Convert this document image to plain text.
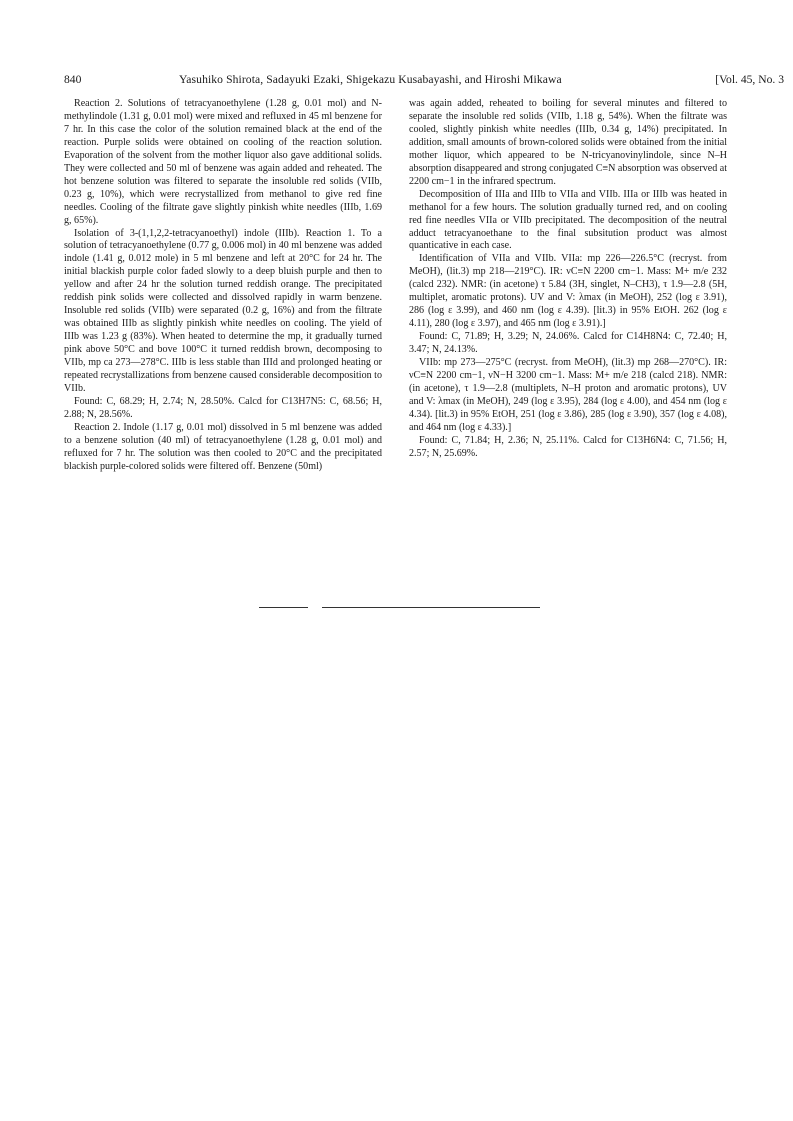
840	Yasuhiko Shirota, Sadayuki Ezaki, Shigekazu Kusabayashi, and Hiroshi Mikawa	[Vol. 45, No. 3

Reaction 2. Solutions of tetracyanoethylene (1.28 g, 0.01 mol) and N-methylindole (1.31 g, 0.01 mol) were mixed and refluxed in 45 ml benzene for 7 hr. In this case the color of the solution remained black at the end of the reaction. Purple solids were obtained on cooling of the reaction solution. Evaporation of the solvent from the mother liquor also gave additional solids. They were collected and 50 ml of benzene was again added and reheated. The hot benzene solution was filtered to separate the insoluble red solids (VIIb, 0.23 g, 10%), which were recrystallized from methanol to give red fine needles. Cooling of the filtrate gave slightly pinkish white needles (IIIb, 1.69 g, 65%).

Isolation of 3-(1,1,2,2-tetracyanoethyl) indole (IIIb). Reaction 1. To a solution of tetracyanoethylene (0.77 g, 0.006 mol) in 40 ml benzene was added indole (1.41 g, 0.012 mole) in 5 ml benzene and left at 20°C for 24 hr. The initial blackish purple color faded slowly to a deep bluish purple and then to yellow and after 24 hr the solution turned reddish orange. The precipitated reddish pink solids were collected and dissolved rapidly in warm benzene. Insoluble red solids (VIIb) were separated (0.2 g, 16%) and from the filtrate was obtained IIIb as slightly pinkish white needles on cooling. The yield of IIIb was 1.23 g (83%). When heated to determine the mp, it gradually turned pink above 50°C and bove 100°C it turned reddish brown, decomposing to VIIb, mp ca 273—278°C. IIIb is less stable than IIId and prolonged heating or repeated recrystallizations from benzene caused considerable decomposition to VIIb.

Found: C, 68.29; H, 2.74; N, 28.50%. Calcd for C13H7N5: C, 68.56; H, 2.88; N, 28.56%.

Reaction 2. Indole (1.17 g, 0.01 mol) dissolved in 5 ml benzene was added to a benzene solution (40 ml) of tetracyanoethylene (1.28 g, 0.01 mol) and refluxed for 7 hr. The solution was then cooled to 20°C and the precipitated blackish purple-colored solids were filtered off. Benzene (50ml)

was again added, reheated to boiling for several minutes and filtered to separate the insoluble red solids (VIIb, 1.18 g, 54%). When the filtrate was cooled, slightly pinkish white needles (IIIb, 0.34 g, 14%) precipitated. In addition, small amounts of brown-colored solids were obtained from the initial mother liquor, which appeared to be N-tricyanovinylindole, since N–H absorption disappeared and strong conjugated C≡N absorption was observed at 2200 cm−1 in the infrared spectrum.

Decomposition of IIIa and IIIb to VIIa and VIIb. IIIa or IIIb was heated in methanol for a few hours. The solution gradually turned red, and on cooling red fine needles VIIa or VIIb precipitated. The decomposition of the neutral adduct tetracyanoethane to the final subsitution product was almost quanticative in each case.

Identification of VIIa and VIIb. VIIa: mp 226—226.5°C (recryst. from MeOH), (lit.3) mp 218—219°C). IR: νC≡N 2200 cm−1. Mass: M+ m/e 232 (calcd 232). NMR: (in acetone) τ 5.84 (3H, singlet, N–CH3), τ 1.9—2.8 (5H, multiplet, aromatic protons). UV and V: λmax (in MeOH), 252 (log ε 3.91), 286 (log ε 3.99), and 460 nm (log ε 4.39). [lit.3) in 95% EtOH. 262 (log ε 4.11), 280 (log ε 3.97), and 465 nm (log ε 3.91).]

Found: C, 71.89; H, 3.29; N, 24.06%. Calcd for C14H8N4: C, 72.40; H, 3.47; N, 24.13%.

VIIb: mp 273—275°C (recryst. from MeOH), (lit.3) mp 268—270°C). IR: νC≡N 2200 cm−1, νN−H 3200 cm−1. Mass: M+ m/e 218 (calcd 218). NMR: (in acetone), τ 1.9—2.8 (multiplets, N–H proton and aromatic protons), UV and V: λmax (in MeOH), 249 (log ε 3.95), 284 (log ε 4.00), and 454 nm (log ε 4.34). [lit.3) in 95% EtOH, 251 (log ε 3.86), 285 (log ε 3.90), 357 (log ε 4.08), and 464 nm (log ε 4.33).]

Found: C, 71.84; H, 2.36; N, 25.11%. Calcd for C13H6N4: C, 71.56; H, 2.57; N, 25.69%.
